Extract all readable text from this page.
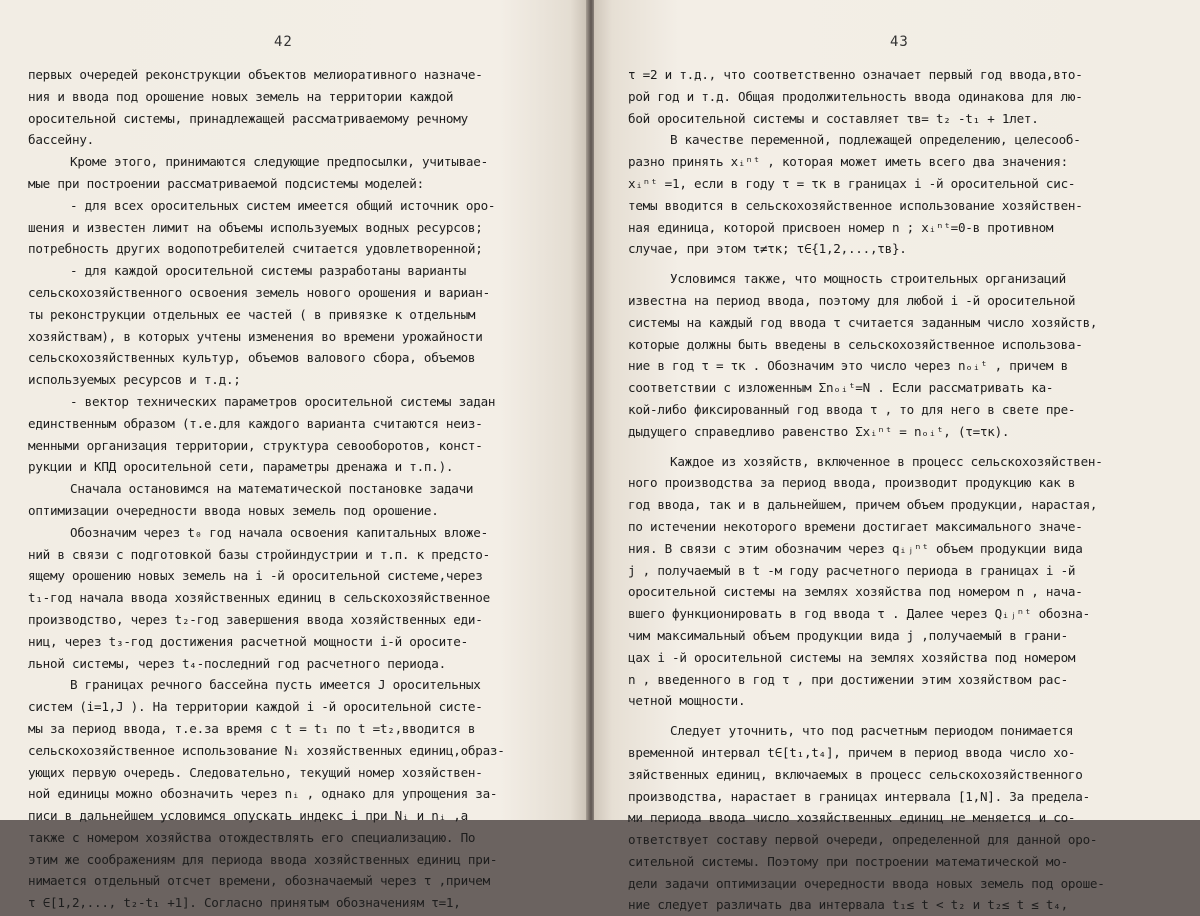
42
первых очередей реконструкции объектов мелиоративного назначе-
ния и ввода под орошение новых земель на территории каждой
оросительной системы, принадлежащей рассматриваемому речному
бассейну.
Кроме этого, принимаются следующие предпосылки, учитывае-
мые при построении рассматриваемой подсистемы моделей:
- для всех оросительных систем имеется общий источник оро-
шения и известен лимит на объемы используемых водных ресурсов;
потребность других водопотребителей считается удовлетворенной;
- для каждой оросительной системы разработаны варианты
сельскохозяйственного освоения земель нового орошения и вариан-
ты реконструкции отдельных ее частей ( в привязке к отдельным
хозяйствам), в которых учтены изменения во времени урожайности
сельскохозяйственных культур, объемов валового сбора, объемов
используемых ресурсов и т.д.;
- вектор технических параметров оросительной системы задан
единственным образом (т.е.для каждого варианта считаются неиз-
менными организация территории, структура севооборотов, конст-
рукции и КПД оросительной сети, параметры дренажа и т.п.).
Сначала остановимся на математической постановке задачи
оптимизации очередности ввода новых земель под орошение.
Обозначим через t₀ год начала освоения капитальных вложе-
ний в связи с подготовкой базы стройиндустрии и т.п. к предсто-
ящему орошению новых земель на i -й оросительной системе,через
t₁-год начала ввода хозяйственных единиц в сельскохозяйственное
производство, через t₂-год завершения ввода хозяйственных еди-
ниц, через t₃-год достижения расчетной мощности i-й оросите-
льной системы, через t₄-последний год расчетного периода.
В границах речного бассейна пусть имеется J оросительных
систем (i=1,J ). На территории каждой i -й оросительной систе-
мы за период ввода, т.е.за время с t = t₁ по t =t₂,вводится в
сельскохозяйственное использование Nᵢ хозяйственных единиц,образ-
ующих первую очередь. Следовательно, текущий номер хозяйствен-
ной единицы можно обозначить через nᵢ , однако для упрощения за-
писи в дальнейшем условимся опускать индекс i при Nᵢ и nᵢ ,а
также с номером хозяйства отождествлять его специализацию. По
этим же соображениям для периода ввода хозяйственных единиц при-
нимается отдельный отсчет времени, обозначаемый через τ ,причем
τ ∈[1,2,..., t₂-t₁ +1]. Согласно принятым обозначениям τ=1,
43
τ =2 и т.д., что соответственно означает первый год ввода,вто-
рой год и т.д. Общая продолжительность ввода одинакова для лю-
бой оросительной системы и составляет τв= t₂ -t₁ + 1лет.
В качестве переменной, подлежащей определению, целесооб-
разно принять xᵢⁿᵗ , которая может иметь всего два значения:
xᵢⁿᵗ =1, если в году τ = τк в границах i -й оросительной сис-
темы вводится в сельскохозяйственное использование хозяйствен-
ная единица, которой присвоен номер n ; xᵢⁿᵗ=0-в противном
случае, при этом τ≠τк; τ∈{1,2,...,τв}.
Условимся также, что мощность строительных организаций
известна на период ввода, поэтому для любой i -й оросительной
системы на каждый год ввода τ считается заданным число хозяйств,
которые должны быть введены в сельскохозяйственное использова-
ние в год τ = τк . Обозначим это число через nₒᵢᵗ , причем в
соответствии с изложенным Σnₒᵢᵗ=N . Если рассматривать ка-
кой-либо фиксированный год ввода τ , то для него в свете пре-
дыдущего справедливо равенство Σxᵢⁿᵗ = nₒᵢᵗ, (τ=τк).
Каждое из хозяйств, включенное в процесс сельскохозяйствен-
ного производства за период ввода, производит продукцию как в
год ввода, так и в дальнейшем, причем объем продукции, нарастая,
по истечении некоторого времени достигает максимального значе-
ния. В связи с этим обозначим через qᵢⱼⁿᵗ объем продукции вида
j , получаемый в t -м году расчетного периода в границах i -й
оросительной системы на землях хозяйства под номером n , нача-
вшего функционировать в год ввода τ . Далее через Qᵢⱼⁿᵗ обозна-
чим максимальный объем продукции вида j ,получаемый в грани-
цах i -й оросительной системы на землях хозяйства под номером
n , введенного в год τ , при достижении этим хозяйством рас-
четной мощности.
Следует уточнить, что под расчетным периодом понимается
временной интервал t∈[t₁,t₄], причем в период ввода число хо-
зяйственных единиц, включаемых в процесс сельскохозяйственного
производства, нарастает в границах интервала [1,N]. За предела-
ми периода ввода число хозяйственных единиц не меняется и со-
ответствует составу первой очереди, определенной для данной оро-
сительной системы. Поэтому при построении математической мо-
дели задачи оптимизации очередности ввода новых земель под ороше-
ние следует различать два интервала t₁≤ t < t₂ и t₂≤ t ≤ t₄,
